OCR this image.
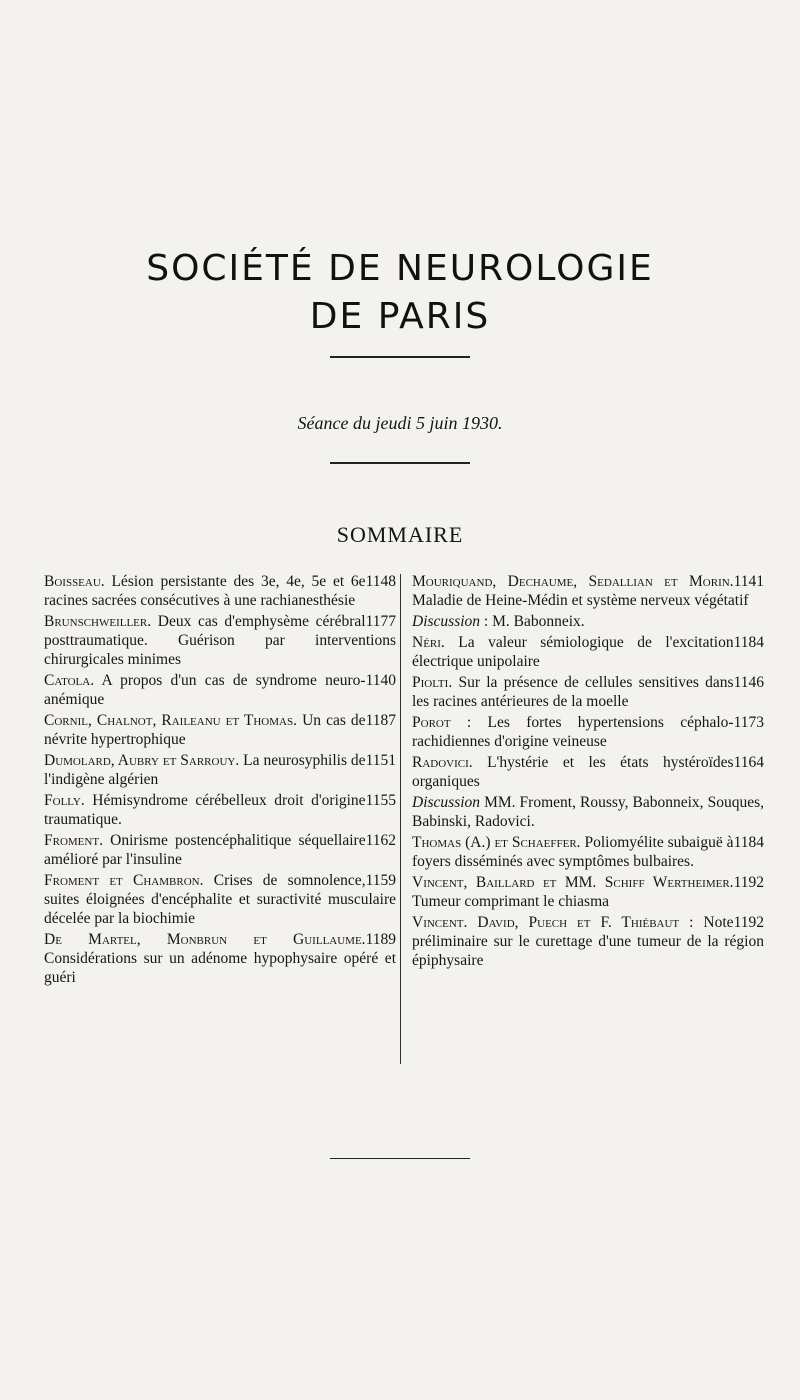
SOCIÉTÉ DE NEUROLOGIE
DE PARIS
Séance du jeudi 5 juin 1930.
SOMMAIRE
1148
Boisseau. Lésion persistante des 3e, 4e, 5e et 6e racines sacrées consécutives à une rachianesthésie
1177
Brunschweiller. Deux cas d'emphysème cérébral posttraumatique. Guérison par interventions chirurgicales minimes
1140
Catola. A propos d'un cas de syndrome neuro-anémique
1187
Cornil, Chalnot, Raileanu et Thomas. Un cas de névrite hypertrophique
1151
Dumolard, Aubry et Sarrouy. La neurosyphilis de l'indigène algérien
1155
Folly. Hémisyndrome cérébelleux droit d'origine traumatique.
1162
Froment. Onirisme postencéphalitique séquellaire amélioré par l'insuline
1159
Froment et Chambron. Crises de somnolence, suites éloignées d'encéphalite et suractivité musculaire décelée par la biochimie
1189
De Martel, Monbrun et Guillaume. Considérations sur un adénome hypophysaire opéré et guéri
1141
Mouriquand, Dechaume, Sedallian et Morin. Maladie de Heine-Médin et système nerveux végétatif
Discussion : M. Babonneix.
1184
Néri. La valeur sémiologique de l'excitation électrique unipolaire
1146
Piolti. Sur la présence de cellules sensitives dans les racines antérieures de la moelle
1173
Porot : Les fortes hypertensions céphalo-rachidiennes d'origine veineuse
1164
Radovici. L'hystérie et les états hystéroïdes organiques
Discussion MM. Froment, Roussy, Babonneix, Souques, Babinski, Radovici.
1184
Thomas (A.) et Schaeffer. Poliomyélite subaiguë à foyers disséminés avec symptômes bulbaires.
1192
Vincent, Baillard et MM. Schiff Wertheimer. Tumeur comprimant le chiasma
1192
Vincent. David, Puech et F. Thiébaut : Note préliminaire sur le curettage d'une tumeur de la région épiphysaire
